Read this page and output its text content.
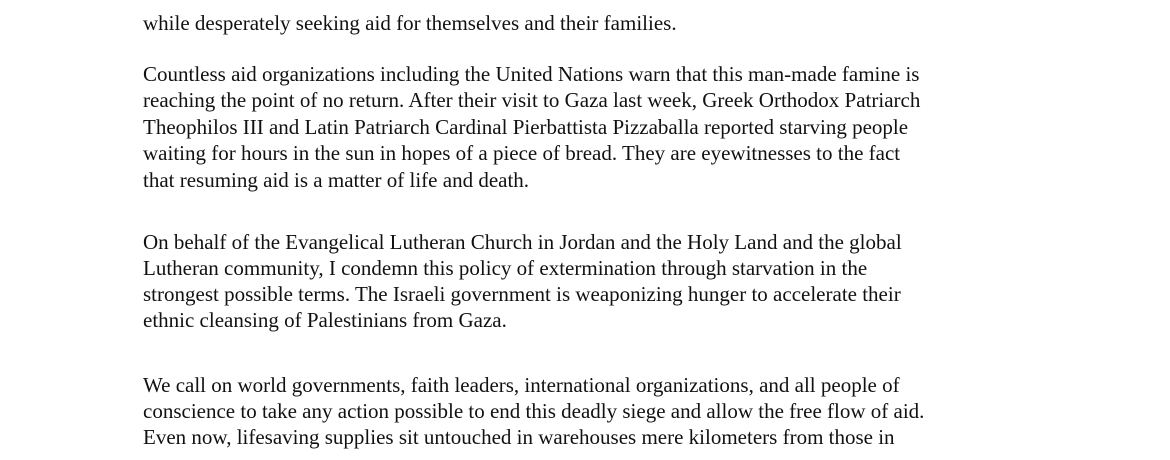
while desperately seeking aid for themselves and their families.
Countless aid organizations including the United Nations warn that this man-made famine is
reaching the point of no return. After their visit to Gaza last week, Greek Orthodox Patriarch
Theophilos III and Latin Patriarch Cardinal Pierbattista Pizzaballa reported starving people
waiting for hours in the sun in hopes of a piece of bread. They are eyewitnesses to the fact
that resuming aid is a matter of life and death.
On behalf of the Evangelical Lutheran Church in Jordan and the Holy Land and the global
Lutheran community, I condemn this policy of extermination through starvation in the
strongest possible terms. The Israeli government is weaponizing hunger to accelerate their
ethnic cleansing of Palestinians from Gaza.
We call on world governments, faith leaders, international organizations, and all people of
conscience to take any action possible to end this deadly siege and allow the free flow of aid.
Even now, lifesaving supplies sit untouched in warehouses mere kilometers from those in
